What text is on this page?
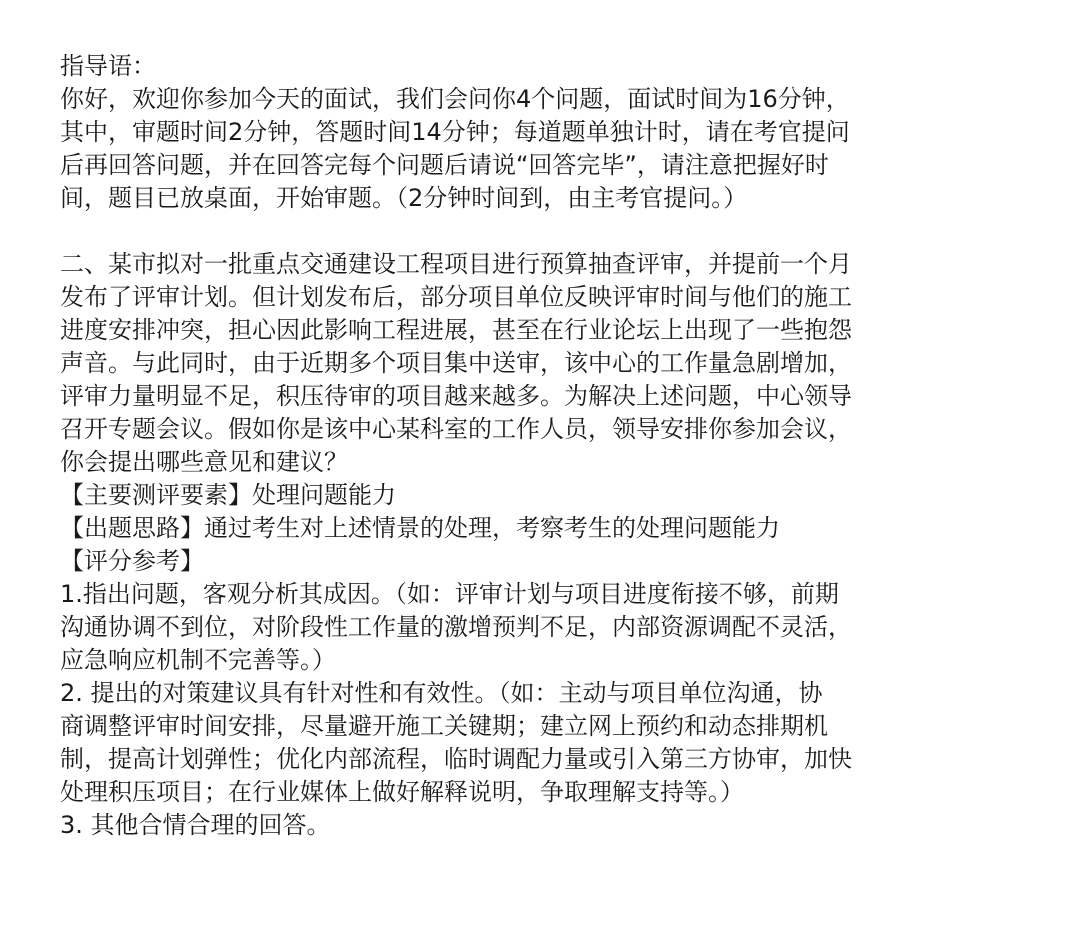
指导语：

你好，欢迎你参加今天的面试，我们会问你4个问题，面试时间为16分钟，

其中，审题时间2分钟，答题时间14分钟；每道题单独计时，请在考官提问

后再回答问题，并在回答完每个问题后请说“回答完毕”，请注意把握好时

间，题目已放桌面，开始审题。（2分钟时间到，由主考官提问。）

二、某市拟对一批重点交通建设工程项目进行预算抽查评审，并提前一个月

发布了评审计划。但计划发布后，部分项目单位反映评审时间与他们的施工

进度安排冲突，担心因此影响工程进展，甚至在行业论坛上出现了一些抱怨

声音。与此同时，由于近期多个项目集中送审，该中心的工作量急剧增加，

评审力量明显不足，积压待审的项目越来越多。为解决上述问题，中心领导

召开专题会议。假如你是该中心某科室的工作人员，领导安排你参加会议，

你会提出哪些意见和建议？

【主要测评要素】处理问题能力

【出题思路】通过考生对上述情景的处理，考察考生的处理问题能力

【评分参考】

1.指出问题，客观分析其成因。（如：评审计划与项目进度衔接不够，前期

沟通协调不到位，对阶段性工作量的激增预判不足，内部资源调配不灵活，

应急响应机制不完善等。）

2. 提出的对策建议具有针对性和有效性。（如：主动与项目单位沟通，协

商调整评审时间安排，尽量避开施工关键期；建立网上预约和动态排期机

制，提高计划弹性；优化内部流程，临时调配力量或引入第三方协审，加快

处理积压项目；在行业媒体上做好解释说明，争取理解支持等。）

3. 其他合情合理的回答。
